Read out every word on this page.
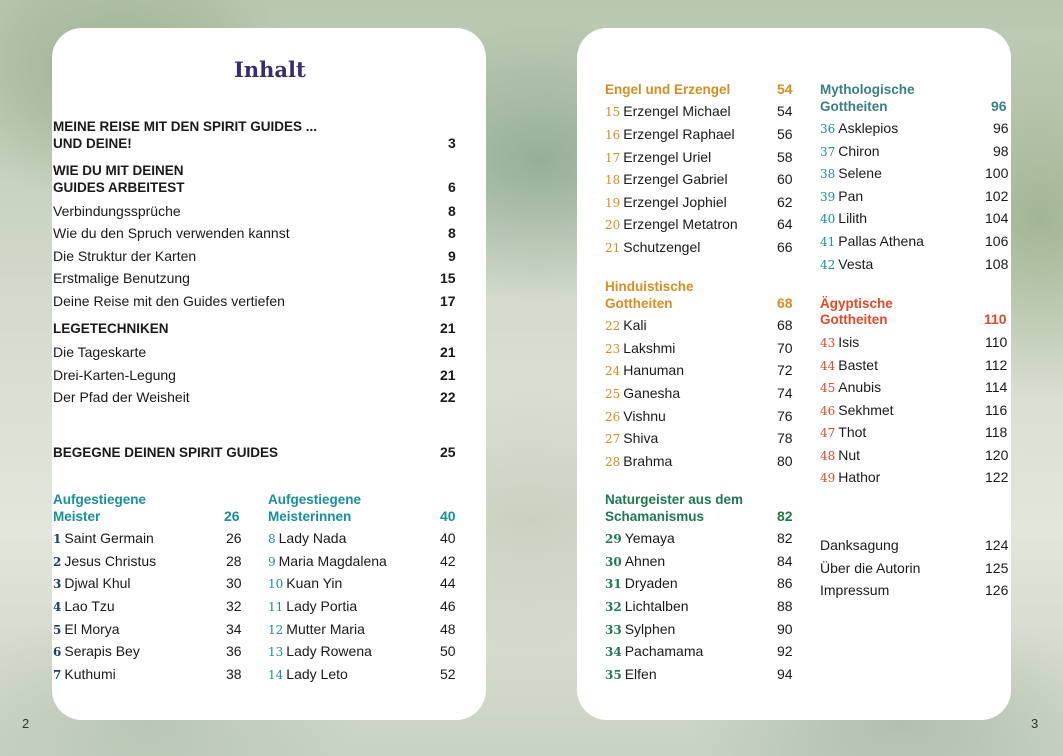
Inhalt
MEINE REISE MIT DEN SPIRIT GUIDES ...
UND DEINE!	3
WIE DU MIT DEINEN
GUIDES ARBEITEST	6
Verbindungssprüche	8
Wie du den Spruch verwenden kannst	8
Die Struktur der Karten	9
Erstmalige Benutzung	15
Deine Reise mit den Guides vertiefen	17
LEGETECHNIKEN	21
Die Tageskarte	21
Drei-Karten-Legung	21
Der Pfad der Weisheit	22
BEGEGNE DEINEN SPIRIT GUIDES	25
Aufgestiegene
Meister	26
Aufgestiegene
Meisterinnen	40
1 Saint Germain	26
2 Jesus Christus	28
3 Djwal Khul	30
4 Lao Tzu	32
5 El Morya	34
6 Serapis Bey	36
7 Kuthumi	38
8 Lady Nada	40
9 Maria Magdalena	42
10 Kuan Yin	44
11 Lady Portia	46
12 Mutter Maria	48
13 Lady Rowena	50
14 Lady Leto	52
2
Engel und Erzengel	54
15 Erzengel Michael	54
16 Erzengel Raphael	56
17 Erzengel Uriel	58
18 Erzengel Gabriel	60
19 Erzengel Jophiel	62
20 Erzengel Metatron	64
21 Schutzengel	66
Hinduistische
Gottheiten	68
22 Kali	68
23 Lakshmi	70
24 Hanuman	72
25 Ganesha	74
26 Vishnu	76
27 Shiva	78
28 Brahma	80
Naturgeister aus dem
Schamanismus	82
29 Yemaya	82
30 Ahnen	84
31 Dryaden	86
32 Lichtalben	88
33 Sylphen	90
34 Pachamama	92
35 Elfen	94
Mythologische
Gottheiten	96
36 Asklepios	96
37 Chiron	98
38 Selene	100
39 Pan	102
40 Lilith	104
41 Pallas Athena	106
42 Vesta	108
Ägyptische
Gottheiten	110
43 Isis	110
44 Bastet	112
45 Anubis	114
46 Sekhmet	116
47 Thot	118
48 Nut	120
49 Hathor	122
Danksagung	124
Über die Autorin	125
Impressum	126
3
